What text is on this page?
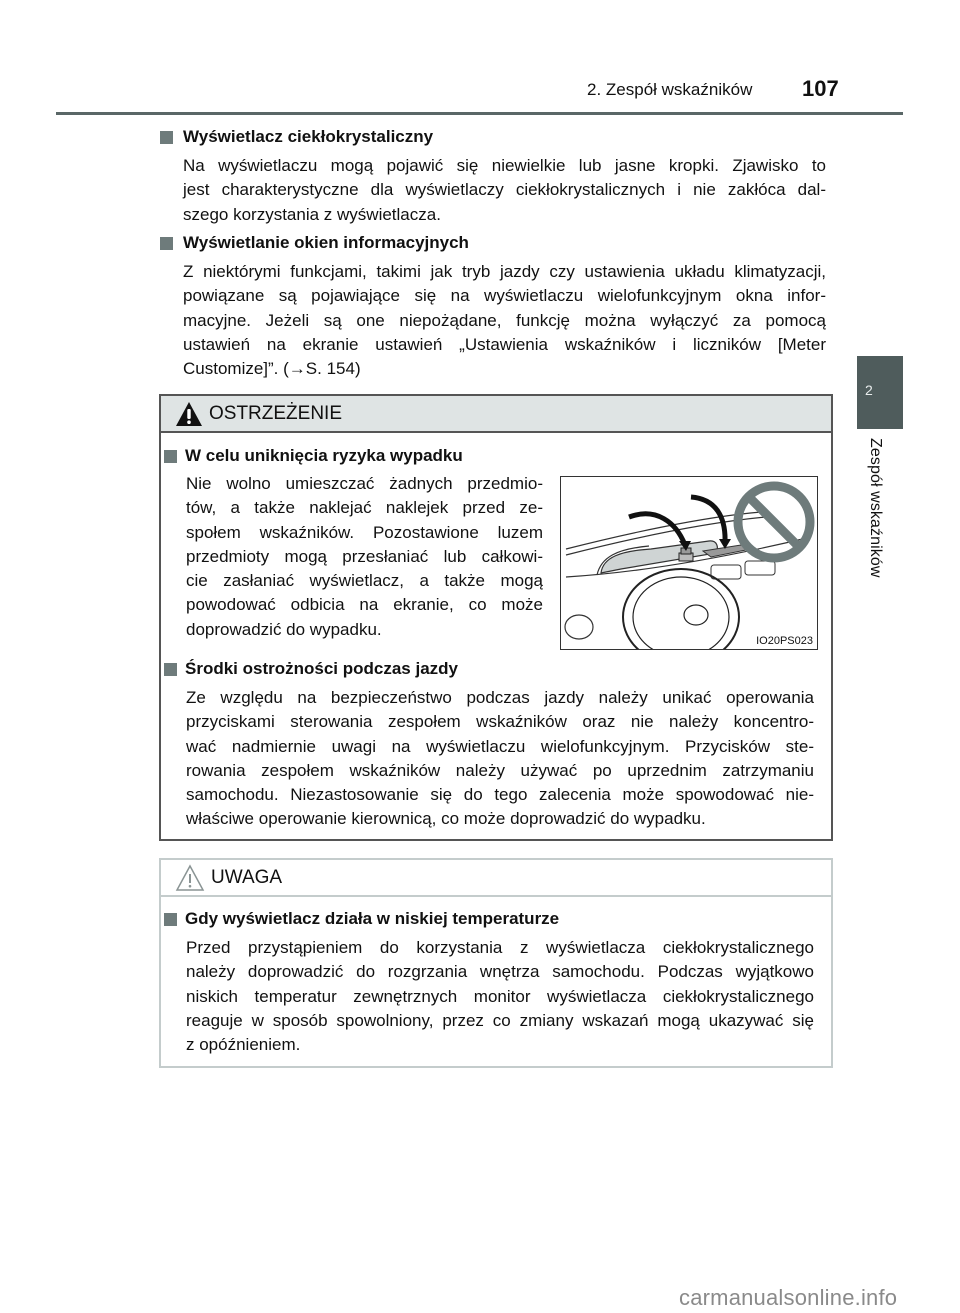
2. Zespół wskaźników 107
2
Zespół wskaźników
Wyświetlacz ciekłokrystaliczny
Na wyświetlaczu mogą pojawić się niewielkie lub jasne kropki. Zjawisko to
jest charakterystyczne dla wyświetlaczy ciekłokrystalicznych i nie zakłóca dal-
szego korzystania z wyświetlacza.
Wyświetlanie okien informacyjnych
Z niektórymi funkcjami, takimi jak tryb jazdy czy ustawienia układu klimatyzacji,
powiązane są pojawiające się na wyświetlaczu wielofunkcyjnym okna infor-
macyjne. Jeżeli są one niepożądane, funkcję można wyłączyć za pomocą
ustawień na ekranie ustawień „Ustawienia wskaźników i liczników [Meter
Customize]”. (→S. 154)
OSTRZEŻENIE
W celu uniknięcia ryzyka wypadku
Nie wolno umieszczać żadnych przedmio-
tów, a także naklejać naklejek przed ze-
społem wskaźników. Pozostawione luzem
przedmioty mogą przesłaniać lub całkowi-
cie zasłaniać wyświetlacz, a także mogą
powodować odbicia na ekranie, co może
doprowadzić do wypadku.
IO20PS023
Środki ostrożności podczas jazdy
Ze względu na bezpieczeństwo podczas jazdy należy unikać operowania
przyciskami sterowania zespołem wskaźników oraz nie należy koncentro-
wać nadmiernie uwagi na wyświetlaczu wielofunkcyjnym. Przycisków ste-
rowania zespołem wskaźników należy używać po uprzednim zatrzymaniu
samochodu. Niezastosowanie się do tego zalecenia może spowodować nie-
właściwe operowanie kierownicą, co może doprowadzić do wypadku.
UWAGA
Gdy wyświetlacz działa w niskiej temperaturze
Przed przystąpieniem do korzystania z wyświetlacza ciekłokrystalicznego
należy doprowadzić do rozgrzania wnętrza samochodu. Podczas wyjątkowo
niskich temperatur zewnętrznych monitor wyświetlacza ciekłokrystalicznego
reaguje w sposób spowolniony, przez co zmiany wskazań mogą ukazywać się
z opóźnieniem.
carmanualsonline.info
